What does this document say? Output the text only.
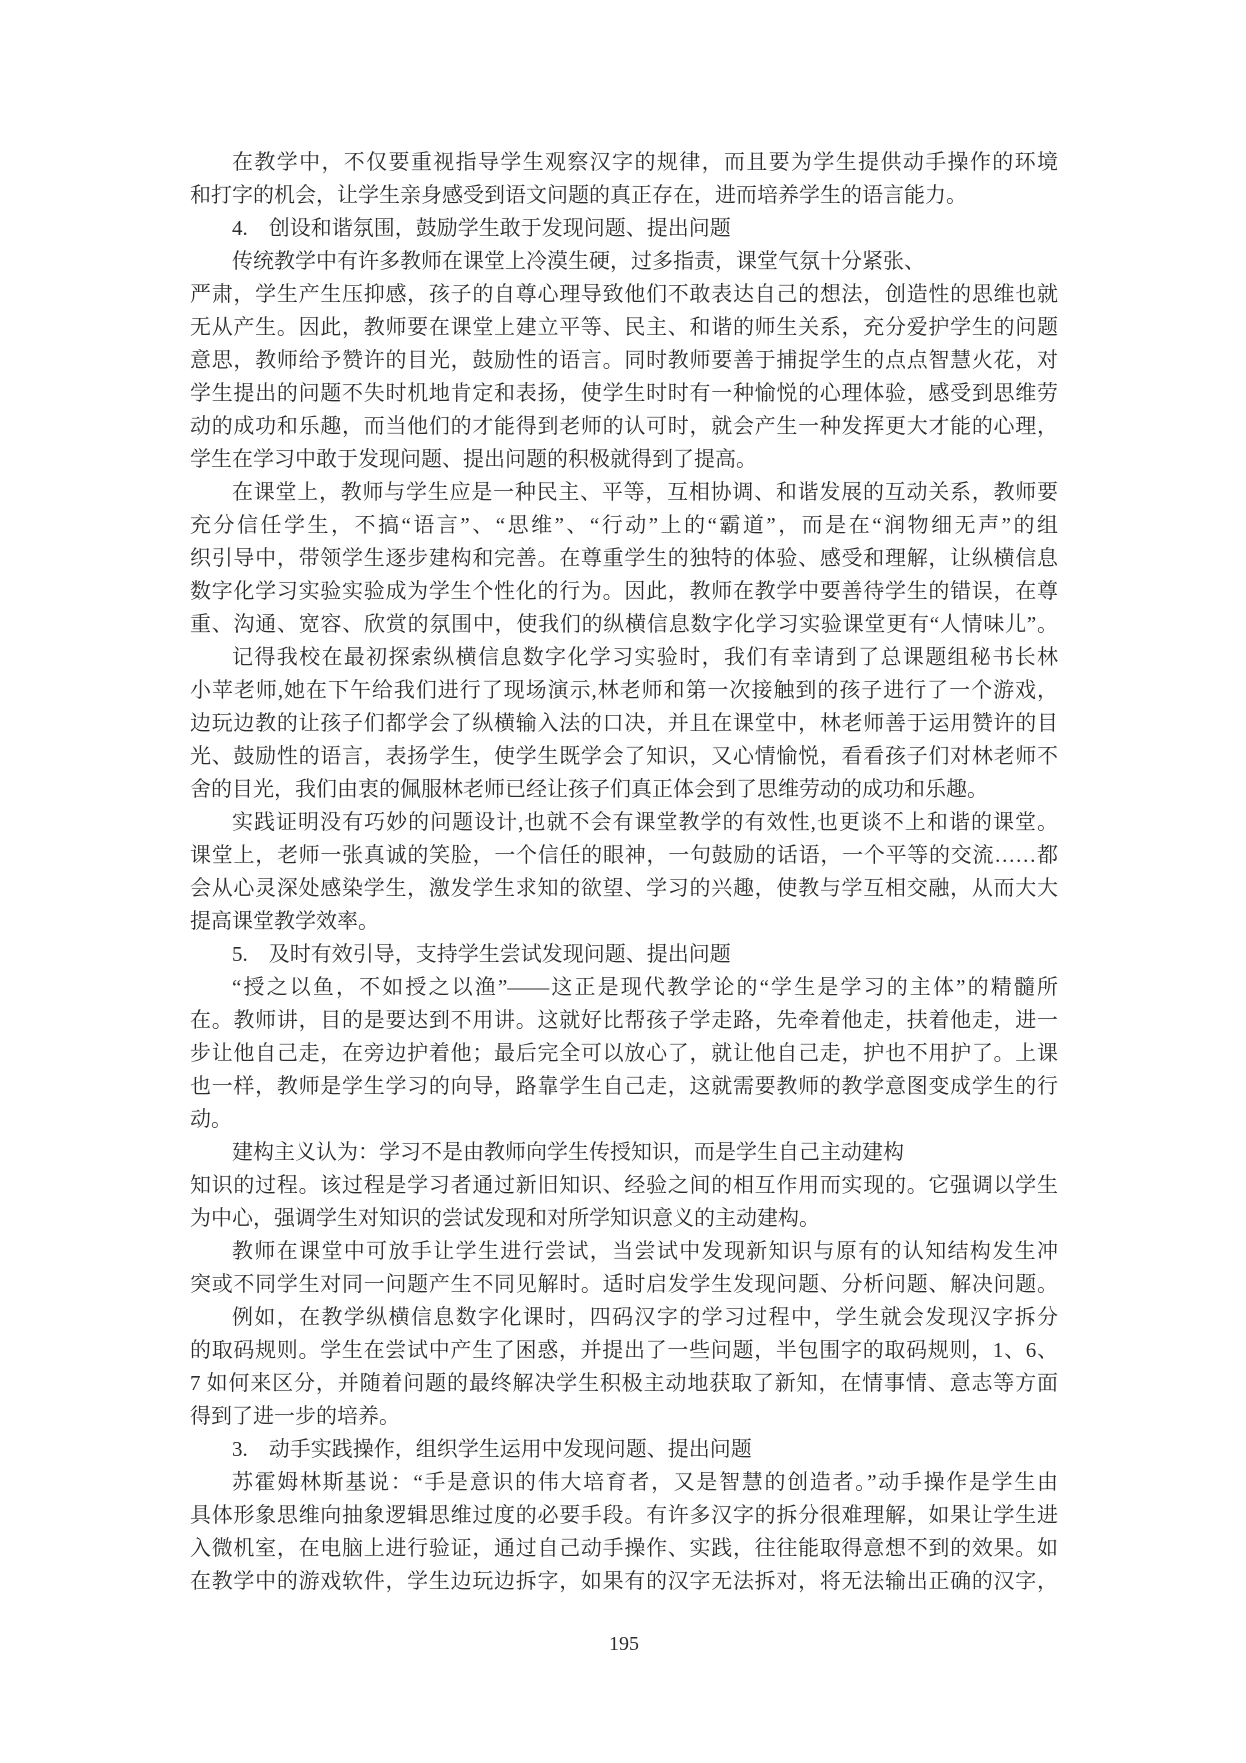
在教学中，不仅要重视指导学生观察汉字的规律，而且要为学生提供动手操作的环境
和打字的机会，让学生亲身感受到语文问题的真正存在，进而培养学生的语言能力。
4.　创设和谐氛围，鼓励学生敢于发现问题、提出问题
传统教学中有许多教师在课堂上冷漠生硬，过多指责，课堂气氛十分紧张、
严肃，学生产生压抑感，孩子的自尊心理导致他们不敢表达自己的想法，创造性的思维也就
无从产生。因此，教师要在课堂上建立平等、民主、和谐的师生关系，充分爱护学生的问题
意思，教师给予赞许的目光，鼓励性的语言。同时教师要善于捕捉学生的点点智慧火花，对
学生提出的问题不失时机地肯定和表扬，使学生时时有一种愉悦的心理体验，感受到思维劳
动的成功和乐趣，而当他们的才能得到老师的认可时，就会产生一种发挥更大才能的心理，
学生在学习中敢于发现问题、提出问题的积极就得到了提高。
在课堂上，教师与学生应是一种民主、平等，互相协调、和谐发展的互动关系，教师要
充分信任学生，不搞“语言”、“思维”、“行动”上的“霸道”，而是在“润物细无声”的组
织引导中，带领学生逐步建构和完善。在尊重学生的独特的体验、感受和理解，让纵横信息
数字化学习实验实验成为学生个性化的行为。因此，教师在教学中要善待学生的错误，在尊
重、沟通、宽容、欣赏的氛围中，使我们的纵横信息数字化学习实验课堂更有“人情味儿”。
记得我校在最初探索纵横信息数字化学习实验时，我们有幸请到了总课题组秘书长林
小苹老师,她在下午给我们进行了现场演示,林老师和第一次接触到的孩子进行了一个游戏，
边玩边教的让孩子们都学会了纵横输入法的口决，并且在课堂中，林老师善于运用赞许的目
光、鼓励性的语言，表扬学生，使学生既学会了知识，又心情愉悦，看看孩子们对林老师不
舍的目光，我们由衷的佩服林老师已经让孩子们真正体会到了思维劳动的成功和乐趣。
实践证明没有巧妙的问题设计,也就不会有课堂教学的有效性,也更谈不上和谐的课堂。
课堂上，老师一张真诚的笑脸，一个信任的眼神，一句鼓励的话语，一个平等的交流……都
会从心灵深处感染学生，激发学生求知的欲望、学习的兴趣，使教与学互相交融，从而大大
提高课堂教学效率。
5.　及时有效引导，支持学生尝试发现问题、提出问题
“授之以鱼，不如授之以渔”——这正是现代教学论的“学生是学习的主体”的精髓所
在。教师讲，目的是要达到不用讲。这就好比帮孩子学走路，先牵着他走，扶着他走，进一
步让他自己走，在旁边护着他；最后完全可以放心了，就让他自己走，护也不用护了。上课
也一样，教师是学生学习的向导，路靠学生自己走，这就需要教师的教学意图变成学生的行
动。
建构主义认为：学习不是由教师向学生传授知识，而是学生自己主动建构
知识的过程。该过程是学习者通过新旧知识、经验之间的相互作用而实现的。它强调以学生
为中心，强调学生对知识的尝试发现和对所学知识意义的主动建构。
教师在课堂中可放手让学生进行尝试，当尝试中发现新知识与原有的认知结构发生冲
突或不同学生对同一问题产生不同见解时。适时启发学生发现问题、分析问题、解决问题。
例如，在教学纵横信息数字化课时，四码汉字的学习过程中，学生就会发现汉字拆分
的取码规则。学生在尝试中产生了困惑，并提出了一些问题，半包围字的取码规则，1、6、
7 如何来区分，并随着问题的最终解决学生积极主动地获取了新知，在情事情、意志等方面
得到了进一步的培养。
3.　动手实践操作，组织学生运用中发现问题、提出问题
苏霍姆林斯基说：“手是意识的伟大培育者，又是智慧的创造者。”动手操作是学生由
具体形象思维向抽象逻辑思维过度的必要手段。有许多汉字的拆分很难理解，如果让学生进
入微机室，在电脑上进行验证，通过自己动手操作、实践，往往能取得意想不到的效果。如
在教学中的游戏软件，学生边玩边拆字，如果有的汉字无法拆对，将无法输出正确的汉字，
195
